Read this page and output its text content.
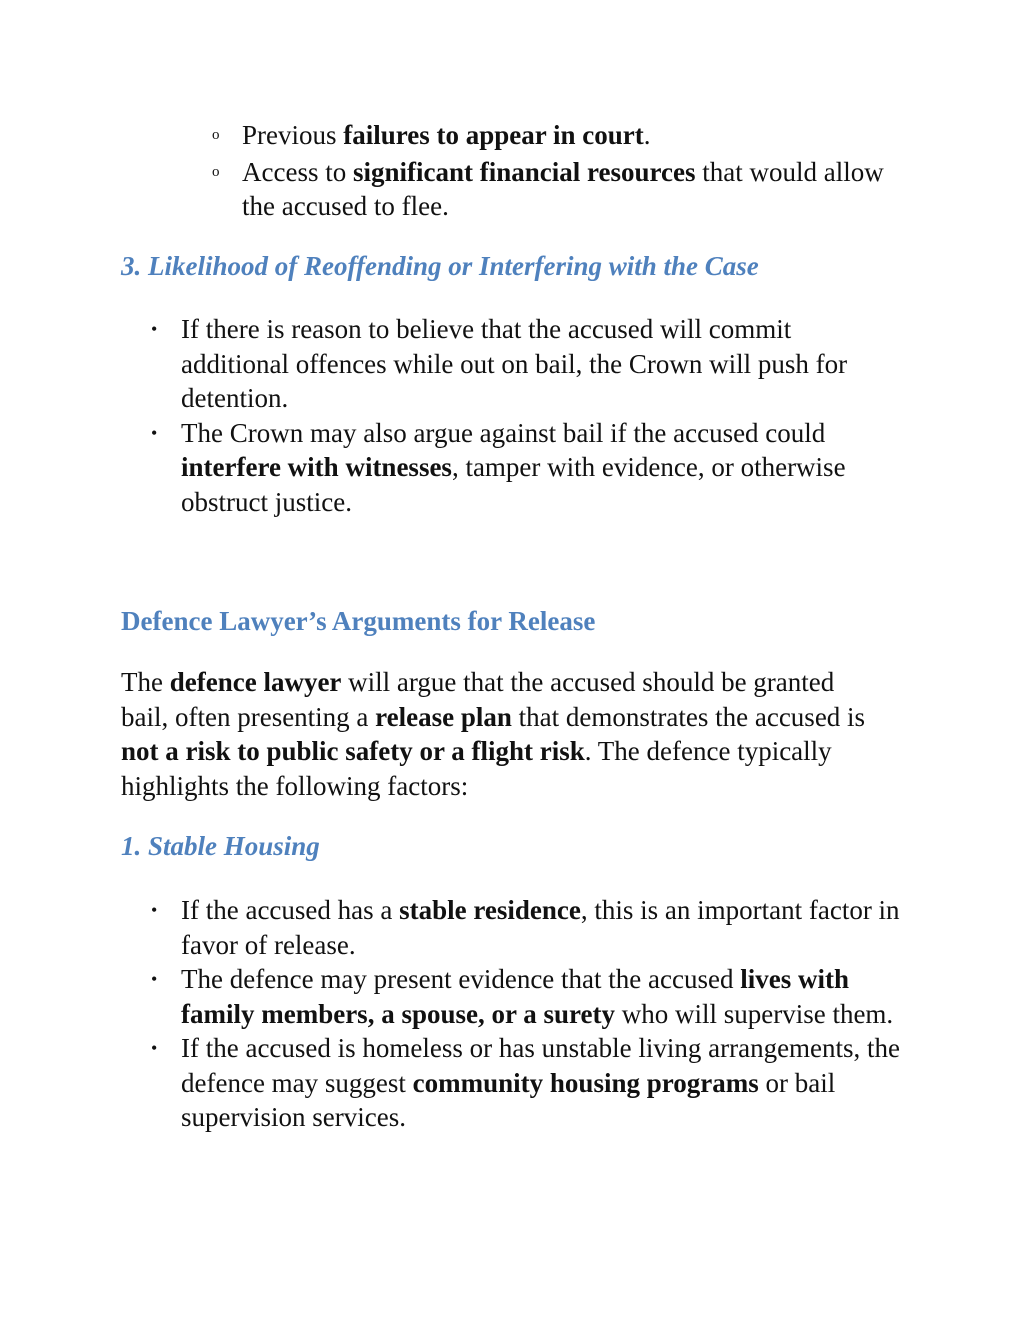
o Previous failures to appear in court.
o Access to significant financial resources that would allow the accused to flee.
3. Likelihood of Reoffending or Interfering with the Case
• If there is reason to believe that the accused will commit additional offences while out on bail, the Crown will push for detention.
• The Crown may also argue against bail if the accused could interfere with witnesses, tamper with evidence, or otherwise obstruct justice.
Defence Lawyer’s Arguments for Release

The defence lawyer will argue that the accused should be granted bail, often presenting a release plan that demonstrates the accused is not a risk to public safety or a flight risk. The defence typically highlights the following factors:

1. Stable Housing
• If the accused has a stable residence, this is an important factor in favor of release.
• The defence may present evidence that the accused lives with family members, a spouse, or a surety who will supervise them.
• If the accused is homeless or has unstable living arrangements, the defence may suggest community housing programs or bail supervision services.
